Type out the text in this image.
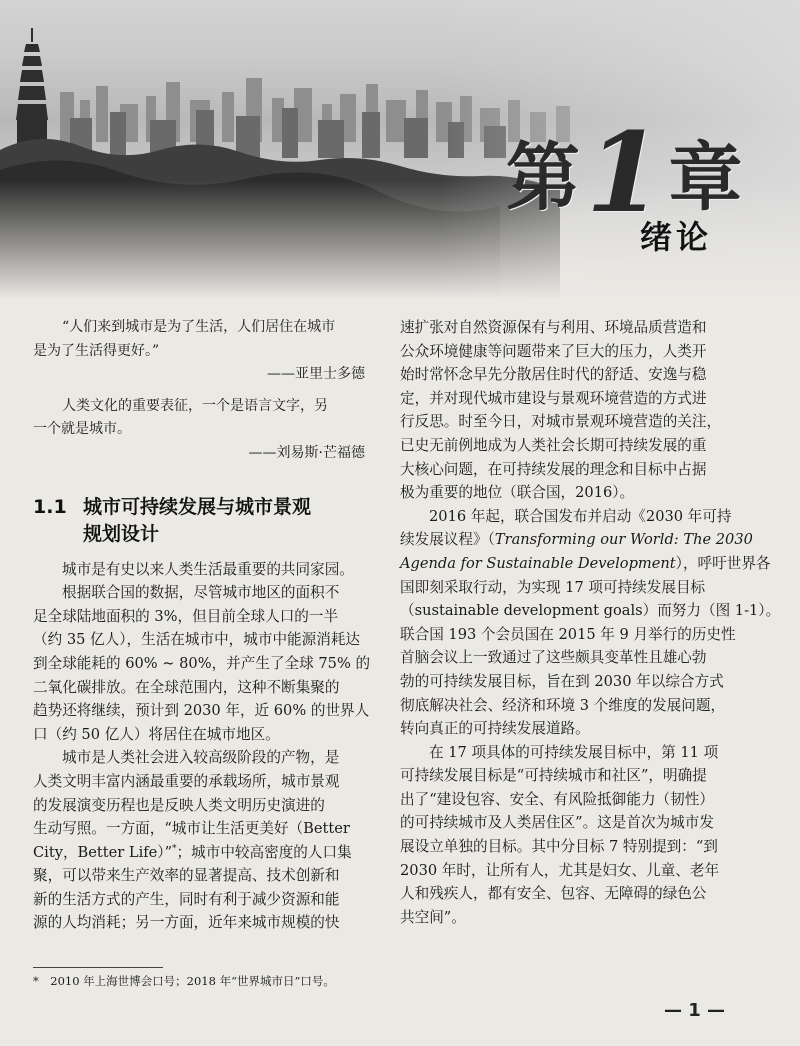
第1章
绪论
“人们来到城市是为了生活，人们居住在城市
是为了生活得更好。”
——亚里士多德
人类文化的重要表征，一个是语言文字，另
一个就是城市。
——刘易斯·芒福德
1.1 城市可持续发展与城市景观
规划设计
城市是有史以来人类生活最重要的共同家园。
根据联合国的数据，尽管城市地区的面积不
足全球陆地面积的 3%，但目前全球人口的一半
（约 35 亿人），生活在城市中，城市中能源消耗达
到全球能耗的 60% ~ 80%，并产生了全球 75% 的
二氧化碳排放。在全球范围内，这种不断集聚的
趋势还将继续，预计到 2030 年，近 60% 的世界人
口（约 50 亿人）将居住在城市地区。
城市是人类社会进入较高级阶段的产物，是
人类文明丰富内涵最重要的承载场所，城市景观
的发展演变历程也是反映人类文明历史演进的
生动写照。一方面，“城市让生活更美好（Better
City，Better Life）”*；城市中较高密度的人口集
聚，可以带来生产效率的显著提高、技术创新和
新的生活方式的产生，同时有利于减少资源和能
源的人均消耗；另一方面，近年来城市规模的快
速扩张对自然资源保有与利用、环境品质营造和
公众环境健康等问题带来了巨大的压力，人类开
始时常怀念早先分散居住时代的舒适、安逸与稳
定，并对现代城市建设与景观环境营造的方式进
行反思。时至今日，对城市景观环境营造的关注，
已史无前例地成为人类社会长期可持续发展的重
大核心问题，在可持续发展的理念和目标中占据
极为重要的地位（联合国，2016）。
2016 年起，联合国发布并启动《2030 年可持
续发展议程》（Transforming our World: The 2030
Agenda for Sustainable Development），呼吁世界各
国即刻采取行动，为实现 17 项可持续发展目标
（sustainable development goals）而努力（图 1-1）。
联合国 193 个会员国在 2015 年 9 月举行的历史性
首脑会议上一致通过了这些颇具变革性且雄心勃
勃的可持续发展目标，旨在到 2030 年以综合方式
彻底解决社会、经济和环境 3 个维度的发展问题，
转向真正的可持续发展道路。
在 17 项具体的可持续发展目标中，第 11 项
可持续发展目标是“可持续城市和社区”，明确提
出了“建设包容、安全、有风险抵御能力（韧性）
的可持续城市及人类居住区”。这是首次为城市发
展设立单独的目标。其中分目标 7 特别提到：“到
2030 年时，让所有人，尤其是妇女、儿童、老年
人和残疾人，都有安全、包容、无障碍的绿色公
共空间”。
*　2010 年上海世博会口号；2018 年“世界城市日”口号。
— 1 —
